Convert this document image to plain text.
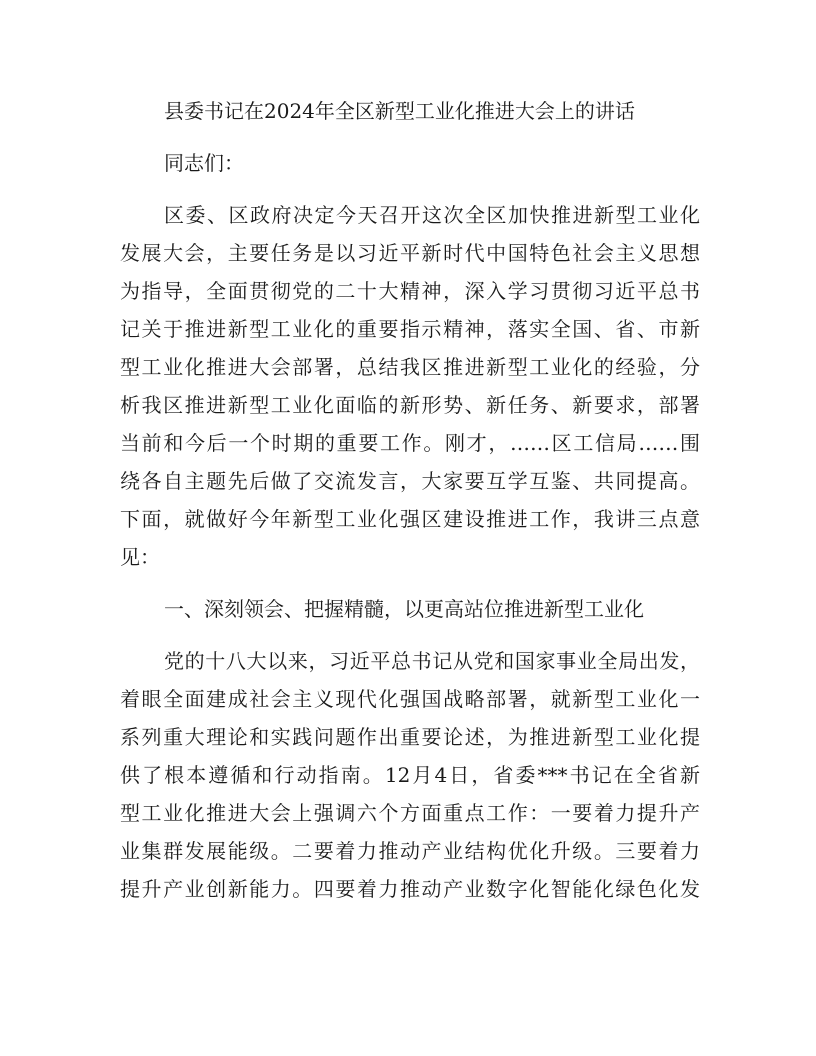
县委书记在2024年全区新型工业化推进大会上的讲话
同志们：
区委、区政府决定今天召开这次全区加快推进新型工业化
发展大会，主要任务是以习近平新时代中国特色社会主义思想
为指导，全面贯彻党的二十大精神，深入学习贯彻习近平总书
记关于推进新型工业化的重要指示精神，落实全国、省、市新
型工业化推进大会部署，总结我区推进新型工业化的经验，分
析我区推进新型工业化面临的新形势、新任务、新要求，部署
当前和今后一个时期的重要工作。刚才，……区工信局……围
绕各自主题先后做了交流发言，大家要互学互鉴、共同提高。
下面，就做好今年新型工业化强区建设推进工作，我讲三点意
见：
一、深刻领会、把握精髓，以更高站位推进新型工业化
党的十八大以来，习近平总书记从党和国家事业全局出发，
着眼全面建成社会主义现代化强国战略部署，就新型工业化一
系列重大理论和实践问题作出重要论述，为推进新型工业化提
供了根本遵循和行动指南。12月4日，省委***书记在全省新
型工业化推进大会上强调六个方面重点工作：一要着力提升产
业集群发展能级。二要着力推动产业结构优化升级。三要着力
提升产业创新能力。四要着力推动产业数字化智能化绿色化发
